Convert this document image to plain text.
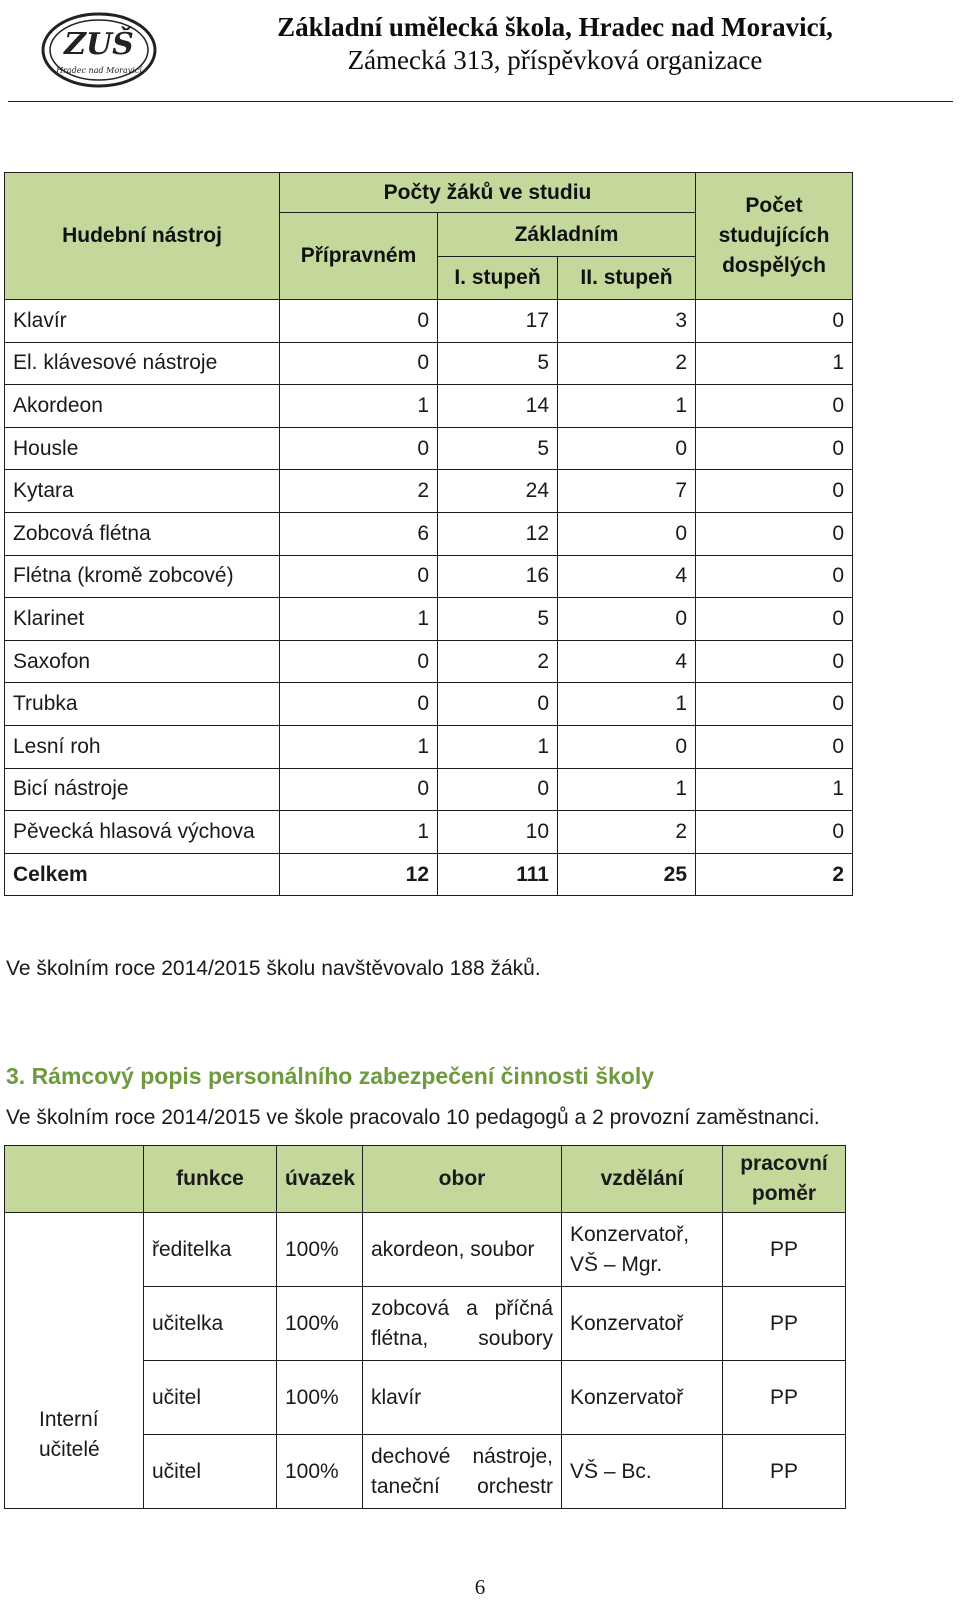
ZUŠ
Hradec nad Moravicí
Základní umělecká škola, Hradec nad Moravicí,
Zámecká 313, příspěvková organizace
Hudební nástroj	Počty žáků ve studiu			Počet studujících dospělých
	Přípravném	Základním		
		I. stupeň	II. stupeň	
Klavír	0	17	3	0
El. klávesové nástroje	0	5	2	1
Akordeon	1	14	1	0
Housle	0	5	0	0
Kytara	2	24	7	0
Zobcová flétna	6	12	0	0
Flétna (kromě zobcové)	0	16	4	0
Klarinet	1	5	0	0
Saxofon	0	2	4	0
Trubka	0	0	1	0
Lesní roh	1	1	0	0
Bicí nástroje	0	0	1	1
Pěvecká hlasová výchova	1	10	2	0
Celkem	12	111	25	2
Ve školním roce 2014/2015 školu navštěvovalo 188 žáků.
3. Rámcový popis personálního zabezpečení činnosti školy
Ve školním roce 2014/2015 ve škole pracovalo 10 pedagogů a 2 provozní zaměstnanci.
	funkce	úvazek	obor	vzdělání	pracovní poměr
Interní učitelé	ředitelka	100%	akordeon, soubor	Konzervatoř, VŠ – Mgr.	PP
	učitelka	100%	zobcová a příčná flétna, soubory	Konzervatoř	PP
	učitel	100%	klavír	Konzervatoř	PP
	učitel	100%	dechové nástroje, taneční orchestr	VŠ – Bc.	PP
6
